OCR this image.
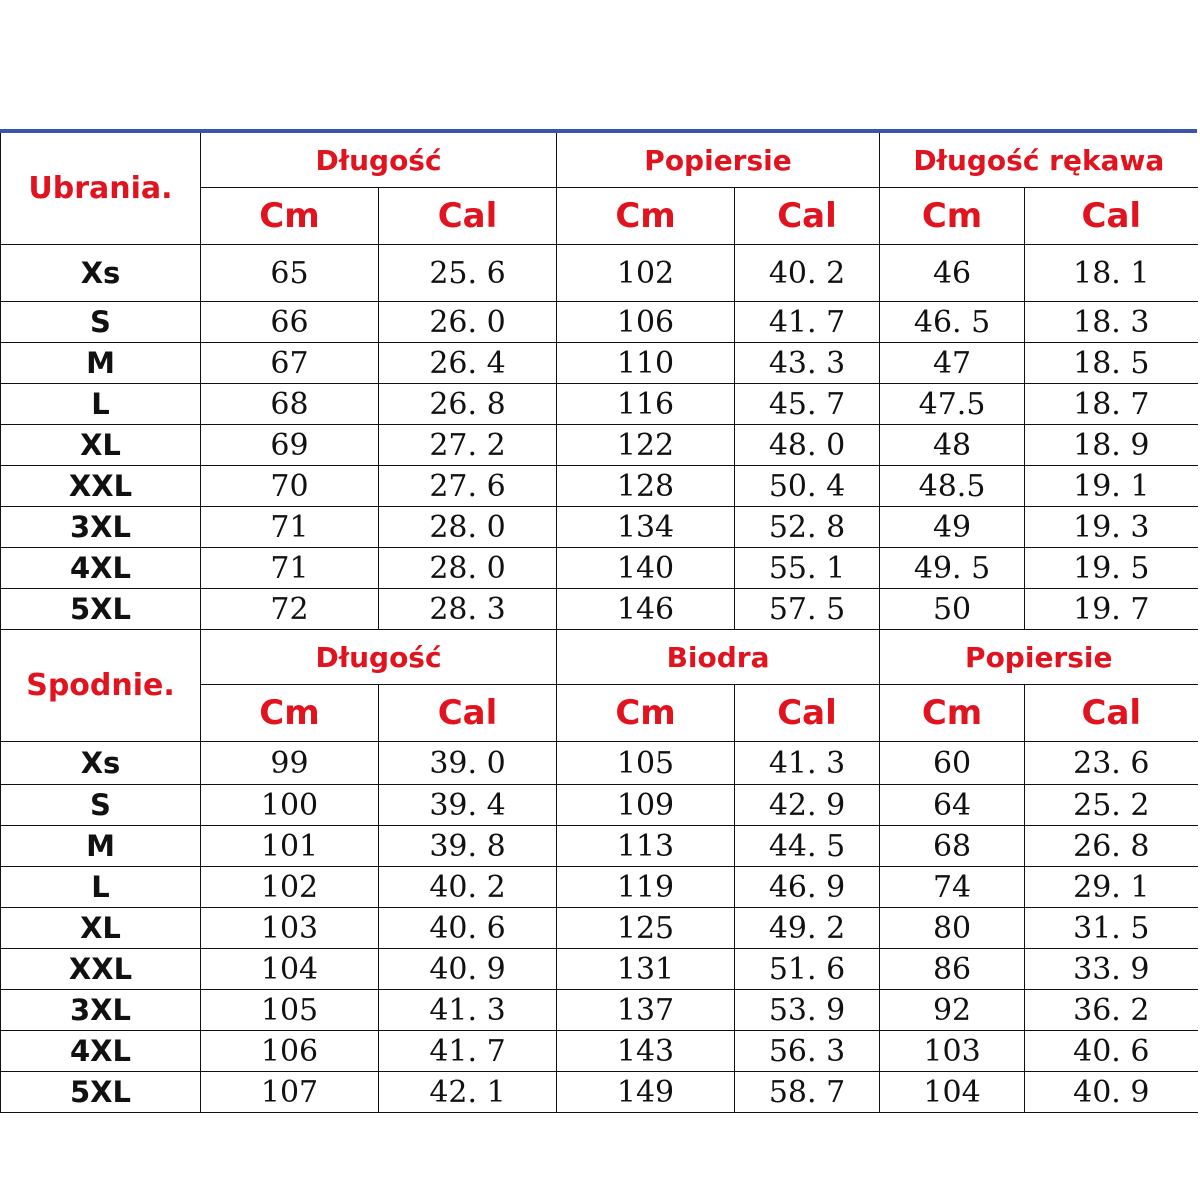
Ubrania.	Długość		Popiersie		Długość rękawa	
	Cm	Cal	Cm	Cal	Cm	Cal
Xs	65	25. 6	102	40. 2	46	18. 1
S	66	26. 0	106	41. 7	46. 5	18. 3
M	67	26. 4	110	43. 3	47	18. 5
L	68	26. 8	116	45. 7	47.5	18. 7
XL	69	27. 2	122	48. 0	48	18. 9
XXL	70	27. 6	128	50. 4	48.5	19. 1
3XL	71	28. 0	134	52. 8	49	19. 3
4XL	71	28. 0	140	55. 1	49. 5	19. 5
5XL	72	28. 3	146	57. 5	50	19. 7
Spodnie.	Długość		Biodra		Popiersie	
	Cm	Cal	Cm	Cal	Cm	Cal
Xs	99	39. 0	105	41. 3	60	23. 6
S	100	39. 4	109	42. 9	64	25. 2
M	101	39. 8	113	44. 5	68	26. 8
L	102	40. 2	119	46. 9	74	29. 1
XL	103	40. 6	125	49. 2	80	31. 5
XXL	104	40. 9	131	51. 6	86	33. 9
3XL	105	41. 3	137	53. 9	92	36. 2
4XL	106	41. 7	143	56. 3	103	40. 6
5XL	107	42. 1	149	58. 7	104	40. 9
